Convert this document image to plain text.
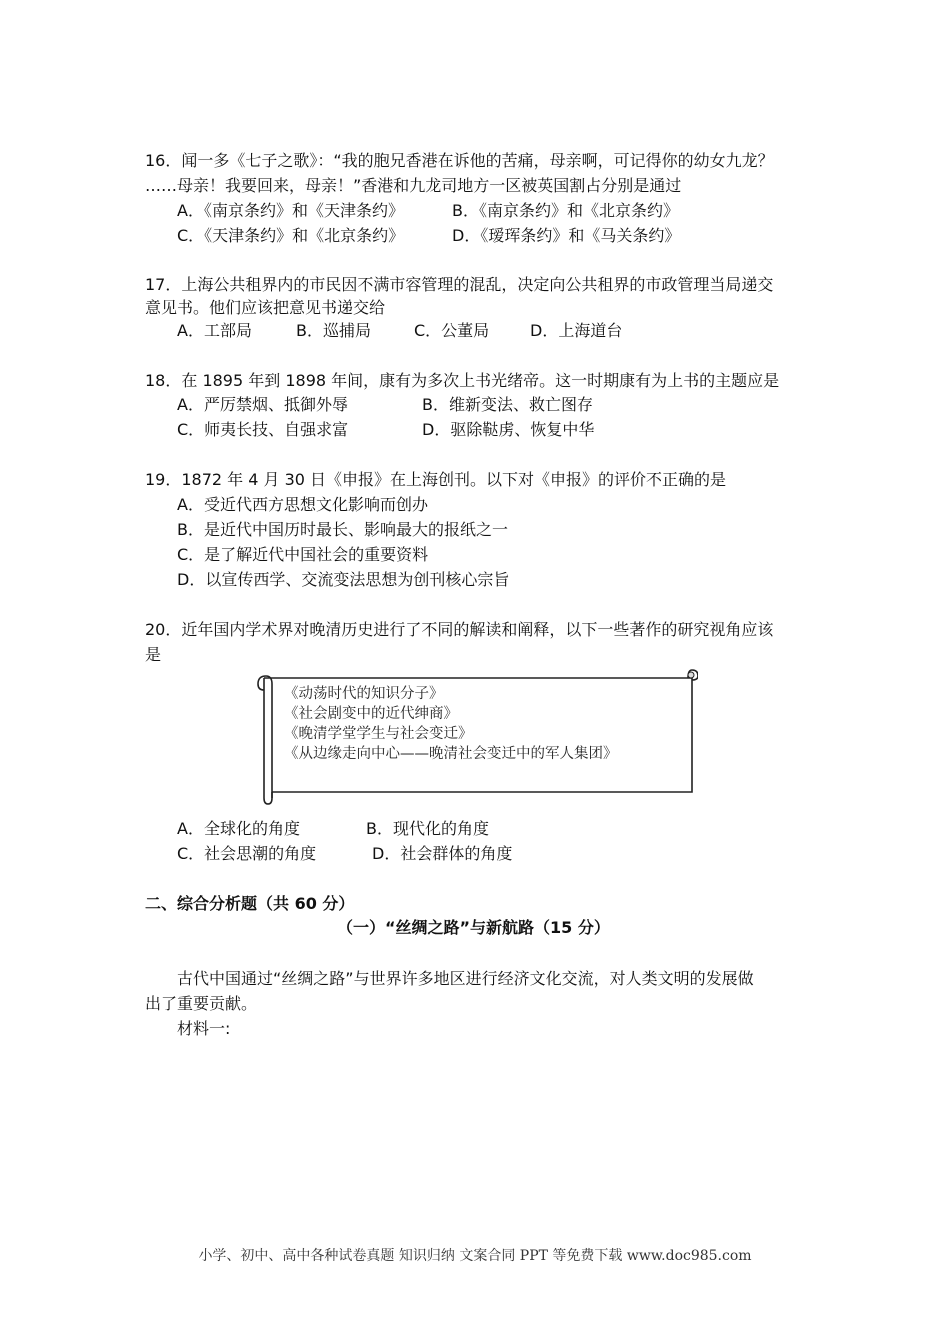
16．闻一多《七子之歌》：“我的胞兄香港在诉他的苦痛，母亲啊，可记得你的幼女九龙？
……母亲！我要回来，母亲！”香港和九龙司地方一区被英国割占分别是通过
A．《南京条约》和《天津条约》	B．《南京条约》和《北京条约》
C．《天津条约》和《北京条约》	D．《瑷珲条约》和《马关条约》
17．上海公共租界内的市民因不满市容管理的混乱，决定向公共租界的市政管理当局递交
意见书。他们应该把意见书递交给
A．工部局	B．巡捕局	C．公董局	D．上海道台
18．在 1895 年到 1898 年间，康有为多次上书光绪帝。这一时期康有为上书的主题应是
A．严厉禁烟、抵御外辱	B．维新变法、救亡图存
C．师夷长技、自强求富	D．驱除鞑虏、恢复中华
19．1872 年 4 月 30 日《申报》在上海创刊。以下对《申报》的评价不正确的是
A．受近代西方思想文化影响而创办
B．是近代中国历时最长、影响最大的报纸之一
C．是了解近代中国社会的重要资料
D．以宣传西学、交流变法思想为创刊核心宗旨
20．近年国内学术界对晚清历史进行了不同的解读和阐释，以下一些著作的研究视角应该
是
《动荡时代的知识分子》
《社会剧变中的近代绅商》
《晚清学堂学生与社会变迁》
《从边缘走向中心——晚清社会变迁中的军人集团》
A．全球化的角度	B．现代化的角度
C．社会思潮的角度	D．社会群体的角度
二、综合分析题（共 60 分）
（一）“丝绸之路”与新航路（15 分）
古代中国通过“丝绸之路”与世界许多地区进行经济文化交流，对人类文明的发展做
出了重要贡献。
材料一:
小学、初中、高中各种试卷真题 知识归纳 文案合同 PPT 等免费下载 www.doc985.com
